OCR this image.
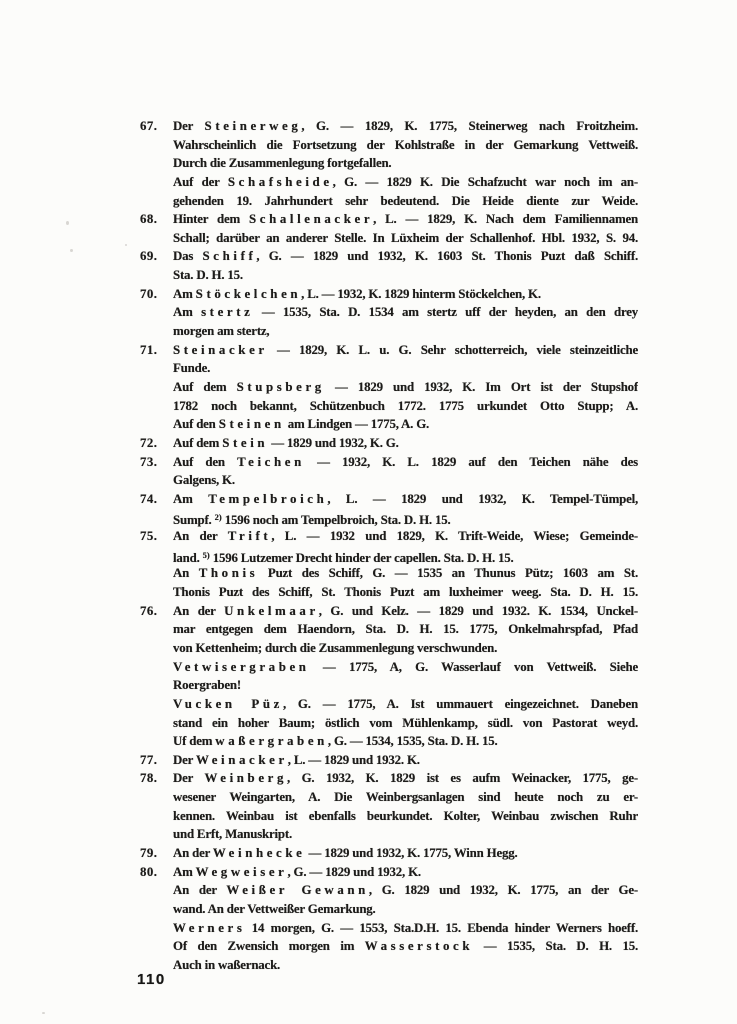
67.	Der Steinerweg, G. — 1829, K. 1775, Steinerweg nach Froitzheim.
Wahrscheinlich die Fortsetzung der Kohlstraße in der Gemarkung Vettweiß.
Durch die Zusammenlegung fortgefallen.
Auf der Schafsheide, G. — 1829 K. Die Schafzucht war noch im an-
gehenden 19. Jahrhundert sehr bedeutend. Die Heide diente zur Weide.
68.	Hinter dem Schallenacker, L. — 1829, K. Nach dem Familiennamen
Schall; darüber an anderer Stelle. In Lüxheim der Schallenhof. Hbl. 1932, S. 94.
69.	Das Schiff, G. — 1829 und 1932, K. 1603 St. Thonis Puzt daß Schiff.
Sta. D. H. 15.
70.	Am Stöckelchen, L. — 1932, K. 1829 hinterm Stöckelchen, K.
Am stertz — 1535, Sta. D. 1534 am stertz uff der heyden, an den drey
morgen am stertz,
71.	Steinacker — 1829, K. L. u. G. Sehr schotterreich, viele steinzeitliche
Funde.
Auf dem Stupsberg — 1829 und 1932, K. Im Ort ist der Stupshof
1782 noch bekannt, Schützenbuch 1772. 1775 urkundet Otto Stupp; A.
Auf den Steinen am Lindgen — 1775, A. G.
72.	Auf dem Stein — 1829 und 1932, K. G.
73.	Auf den Teichen — 1932, K. L. 1829 auf den Teichen nähe des
Galgens, K.
74.	Am Tempelbroich, L. — 1829 und 1932, K. Tempel-Tümpel,
Sumpf. $^{2)}$ 1596 noch am Tempelbroich, Sta. D. H. 15.
75.	An der Trift, L. — 1932 und 1829, K. Trift-Weide, Wiese; Gemeinde-
land. $^{5)}$ 1596 Lutzemer Drecht hinder der capellen. Sta. D. H. 15.
An Thonis Puzt des Schiff, G. — 1535 an Thunus Pütz; 1603 am St.
Thonis Puzt des Schiff, St. Thonis Puzt am luxheimer weeg. Sta. D. H. 15.
76.	An der Unkelmaar, G. und Kelz. — 1829 und 1932. K. 1534, Unckel-
mar entgegen dem Haendorn, Sta. D. H. 15. 1775, Onkelmahrspfad, Pfad
von Kettenheim; durch die Zusammenlegung verschwunden.
Vetwisergraben — 1775, A, G. Wasserlauf von Vettweiß. Siehe
Roergraben!
Vucken Püz, G. — 1775, A. Ist ummauert eingezeichnet. Daneben
stand ein hoher Baum; östlich vom Mühlenkamp, südl. von Pastorat weyd.
Uf dem waßergraben, G. — 1534, 1535, Sta. D. H. 15.
77.	Der Weinacker, L. — 1829 und 1932. K.
78.	Der Weinberg, G. 1932, K. 1829 ist es aufm Weinacker, 1775, ge-
wesener Weingarten, A. Die Weinbergsanlagen sind heute noch zu er-
kennen. Weinbau ist ebenfalls beurkundet. Kolter, Weinbau zwischen Ruhr
und Erft, Manuskript.
79.	An der Weinhecke — 1829 und 1932, K. 1775, Winn Hegg.
80.	Am Wegweiser, G. — 1829 und 1932, K.
An der Weißer Gewann, G. 1829 und 1932, K. 1775, an der Ge-
wand. An der Vettweißer Gemarkung.
Werners 14 morgen, G. — 1553, Sta.D.H. 15. Ebenda hinder Werners hoeff.
Of den Zwensich morgen im Wasserstock — 1535, Sta. D. H. 15.
Auch in waßernack.
110
